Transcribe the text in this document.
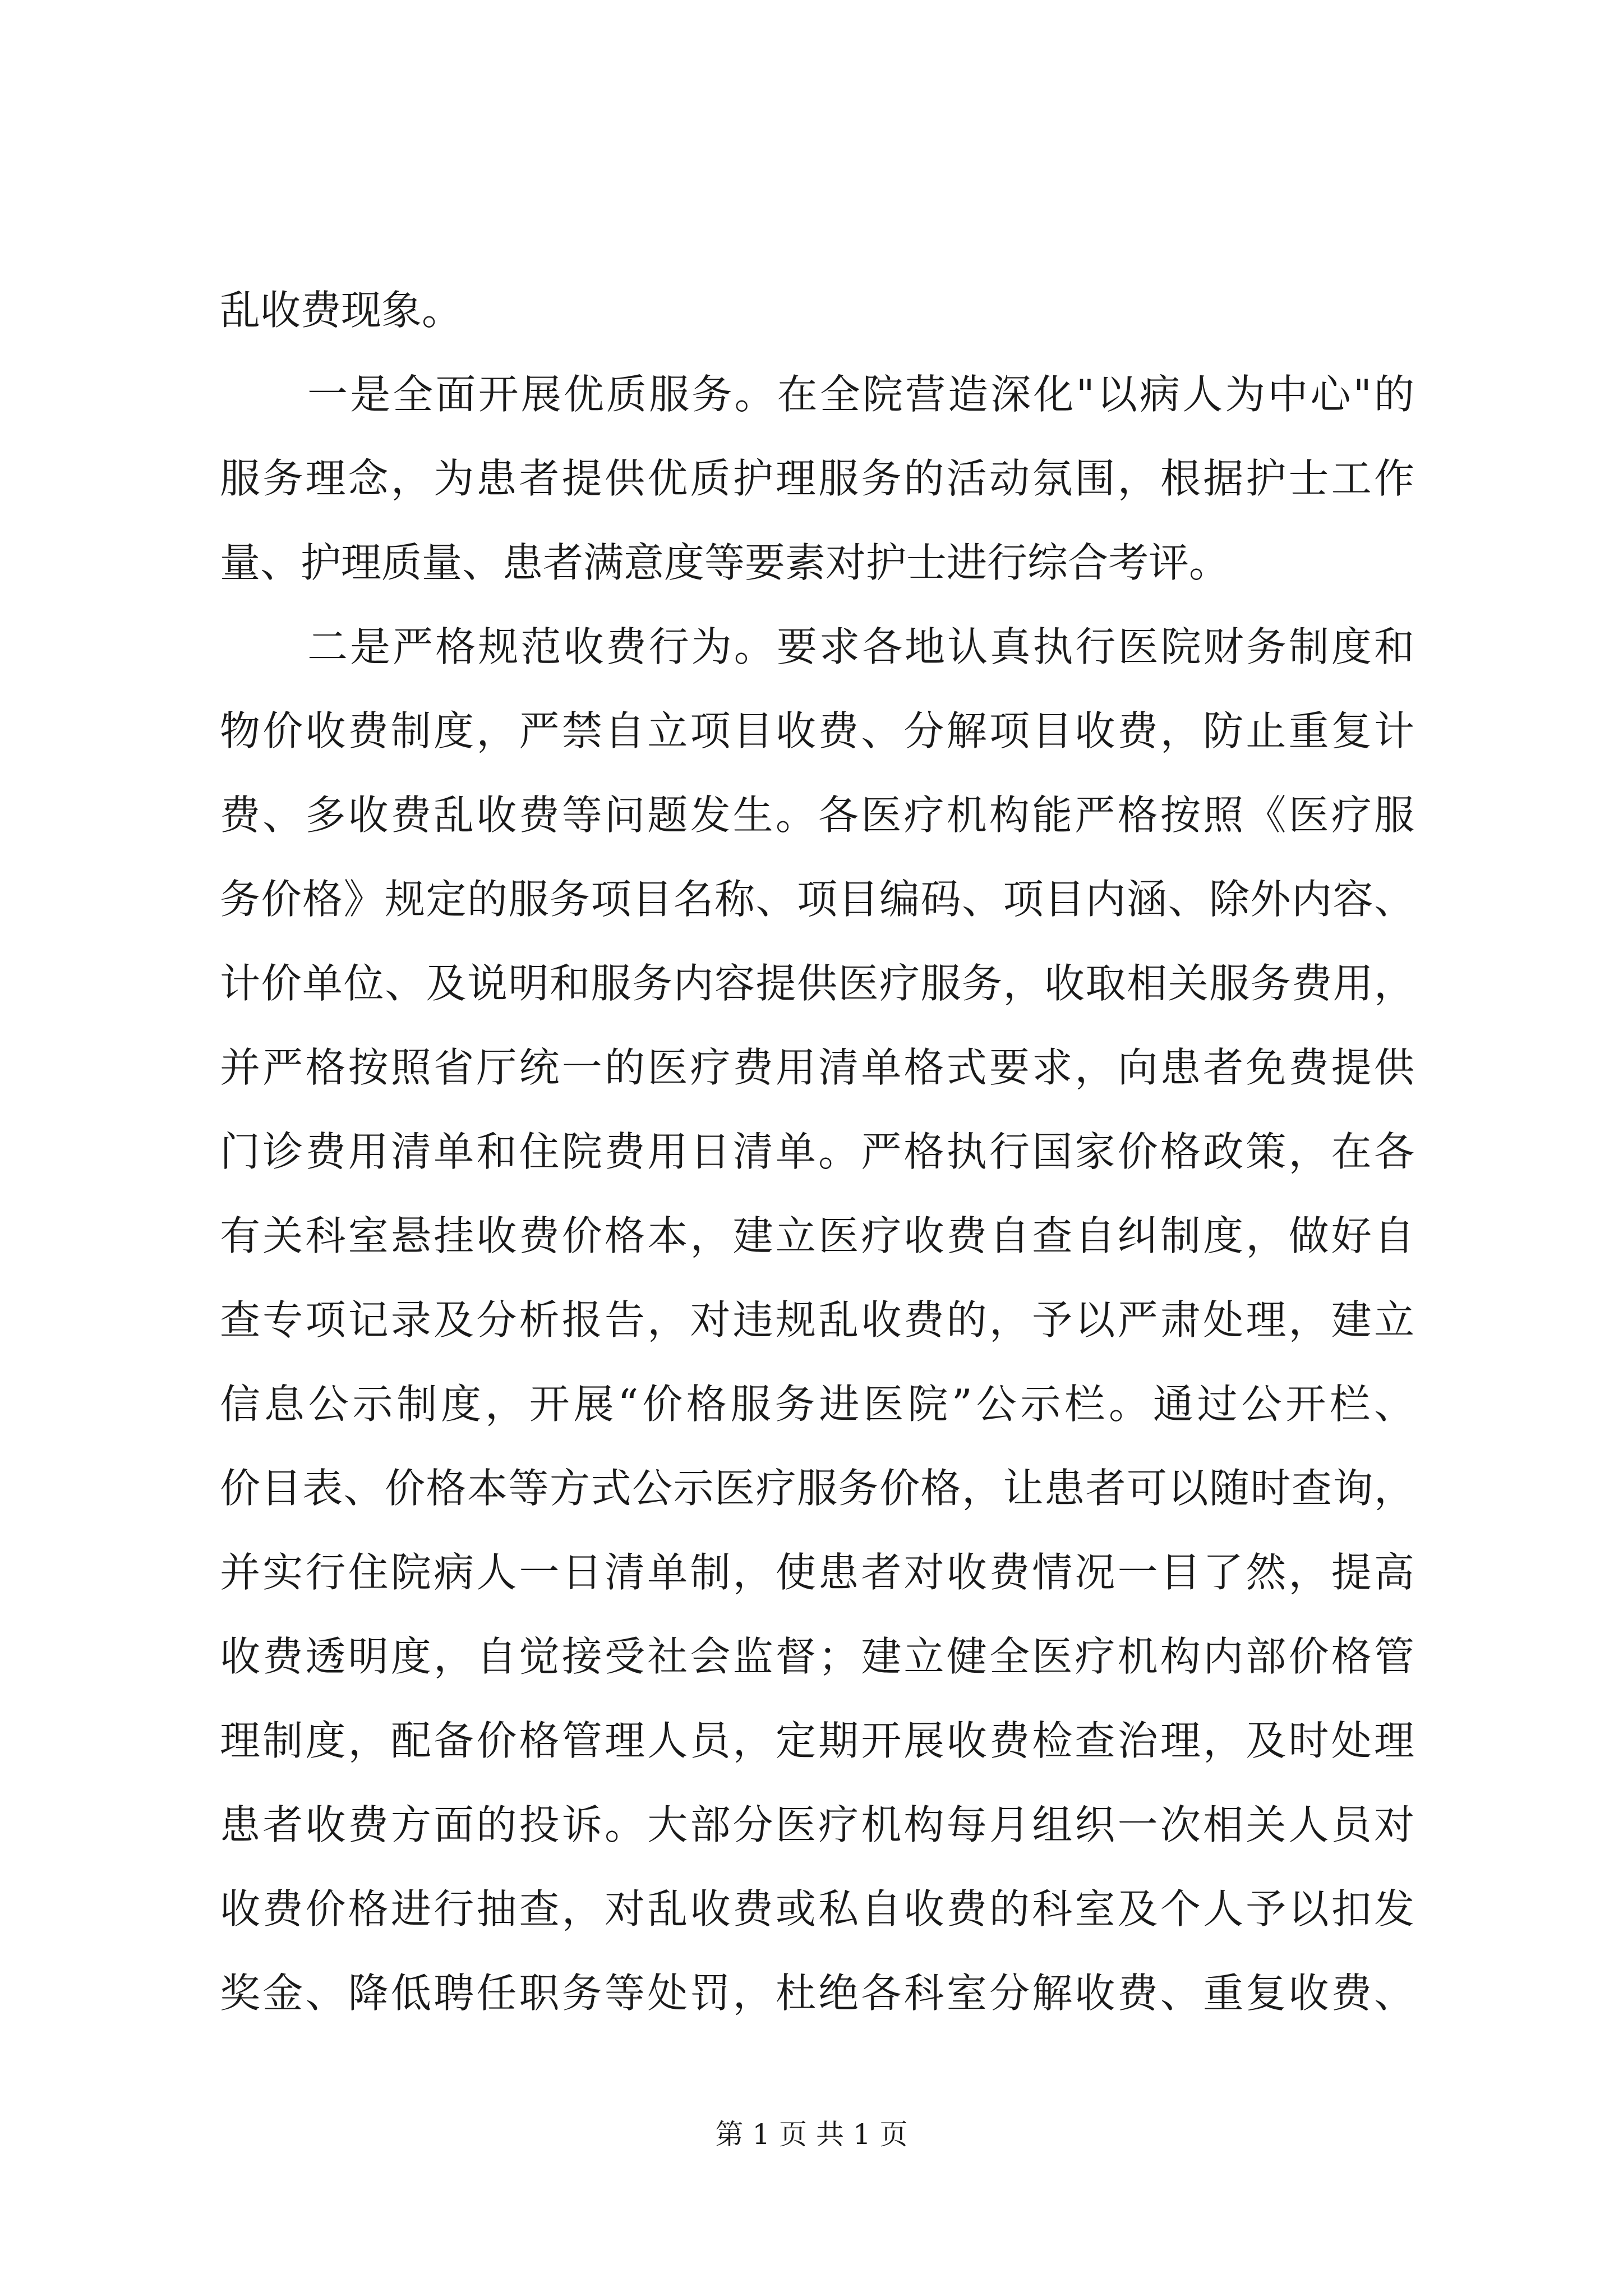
乱收费现象。
一是全面开展优质服务。在全院营造深化"以病人为中心"的
服务理念，为患者提供优质护理服务的活动氛围，根据护士工作
量、护理质量、患者满意度等要素对护士进行综合考评。
二是严格规范收费行为。要求各地认真执行医院财务制度和
物价收费制度，严禁自立项目收费、分解项目收费，防止重复计
费、多收费乱收费等问题发生。各医疗机构能严格按照《医疗服
务价格》规定的服务项目名称、项目编码、项目内涵、除外内容、
计价单位、及说明和服务内容提供医疗服务，收取相关服务费用，
并严格按照省厅统一的医疗费用清单格式要求，向患者免费提供
门诊费用清单和住院费用日清单。严格执行国家价格政策，在各
有关科室悬挂收费价格本，建立医疗收费自查自纠制度，做好自
查专项记录及分析报告，对违规乱收费的，予以严肃处理，建立
信息公示制度，开展“价格服务进医院”公示栏。通过公开栏、
价目表、价格本等方式公示医疗服务价格，让患者可以随时查询，
并实行住院病人一日清单制，使患者对收费情况一目了然，提高
收费透明度，自觉接受社会监督；建立健全医疗机构内部价格管
理制度，配备价格管理人员，定期开展收费检查治理，及时处理
患者收费方面的投诉。大部分医疗机构每月组织一次相关人员对
收费价格进行抽查，对乱收费或私自收费的科室及个人予以扣发
奖金、降低聘任职务等处罚，杜绝各科室分解收费、重复收费、
第 1 页 共 1 页
